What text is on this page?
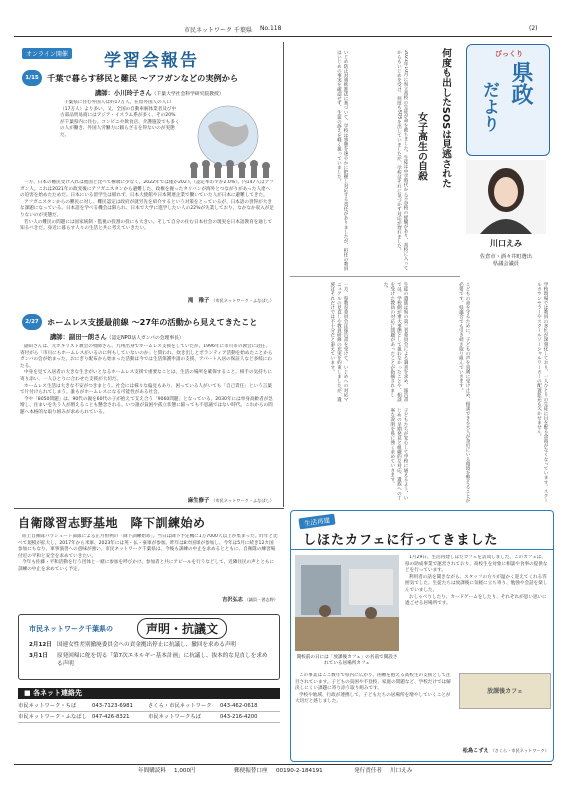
市民ネットワーク 千葉県 No.118	(2)
オンライン開催 学習会報告
1/15	千葉で暮らす移民と難民 ～アフガンなどの実例から
講師：小川玲子さん（千葉大学社会科学研究院教授）

千葉県に住む外国人は約17万人、在留外国人の人口（17万人）より多い。又、全国の自動車解体業者及び中古部品貿易商にはアジア・イスラム系が多く、その20%が千葉県内に住む。コンビニや飲食店、介護施設でも多くの人が働き、外国人労働力に頼らざるを得ないのが実態だ。

一方、日本の難民受け入れは他国と比べて極端に少なく、2022年では僅か202人（認定率わずか2.0%）。内147人はアフガン人。これは2021年の政変後にアフガニスタンから避難した、政権を握ったタリバンが海外とつながりがあった人達への迫害を始めたためだ。日本にいる留学生は帰れず、日本大使館や日本関連企業で働いていた人が日本に避難してきた。

アフガニスタンからの難民に対し、難民認定は政府が就労先を紹介するという対策をとっているが、日本語の習得が大きな課題になっている。日本語を学べる機会は限られ、日本で大学に進学したい人の22%が失業しており、なかなか収入が足りないのが実態だ。

若い人の難民の問題には国家統制・監視の役割の役にも大きい。そして自分の住む日本社会の現実を日本語教育を通じて知るべきだ。身近に暮らす人々の生活と共に考えていきたい。

滝　稚子 （市民ネットワーク・ふなばし）
2/27	ホームレス支援最前線 ～27年の活動から見えてきたこと
講師：副田一朗さん（認定NPO法人ガンバの会理事長）

副田さんは、元ホキリスト教会の牧師さん。九州出身でホームレス支援をしていたが、1996年に市川市の教会に赴任、寄付がら「市川にもホームレスがいるのに何もしていないのか」と問われ、炊き出しとボランティア活動を始めたことからガンバの会が始まった。おにぎり配布から始まった活動は今では生活保護申請の支援、アパート入居の保証人など多岐にわたる。

中身を見て入居者の大きな生きがいとなるホームレス支援で重要なことは、生活の場所を確保すること。相手の気持ちに寄り添い、一人ひとりに合わせた支援が大切だ。

ホームレス生活は大きな不安がつきまとう。社会には様々な偏見もあり、困っている人がいても「自己責任」という言葉で片付けられてしまう。誰もがホームレスになる可能性がある社会。

今や「8050問題」は、90代の親を60代の子が抱えて支え合う「9060問題」となっている。2030年には単身高齢者が急増し、住まいを失う人が増えることも懸念される。いつ誰が貧困や孤立状態に陥っても不思議ではない時代。これからの問題へ本格的な取り組みが求められている。

麻生修子 （市民ネットワーク・ふなばし）
自衛隊習志野基地　降下訓練始め

陸上自衛隊パラシュート部隊による正月恒例の「降下訓練始め」。当日は降下予定機に1万7000人以上が集まった。昨年と比べて規模が拡大し、2017年から米軍、2023年には英・仏・豪軍が参加。昨年は8カ国軍が参加し、今年は5月に続き12カ国参加にもなり、軍事演習への意味が強い。市民ネットワーク千葉県は、今後も訓練の中止を求めるとともに、自衛隊の練習場付近の平和と安全を求めていきたい。

今年も佐藤・平和活動を行う団体と一緒に参加を呼びかけ、参加者と共にアピールを行うなどして、近隣住民の声とともに訓練の中止を求めていく予定。

吉沢弘志 （議員・習志野）
市民ネットワーク千葉県の	声明・抗議文
2月12日 国連女性差別撤廃委員会への貢金拠出停止に抗議し、撤回を求める声明
3月1日 原発回帰に舵を切る「第7次エネルギー基本計画」に抗議し、抜本的な見直しを求める声明
■ 各ネット連絡先
市民ネットワーク・ちば	043-7123-6981	さくら・市民ネットワーク 043-462-0618
市民ネットワーク・ふなばし 047-426-8321	市民ネットワークちば	043-216-4200
年間購読料 1,000円	郵便振替口座 00190-2-184191	発行責任者 川口えみ
びっくり
県政
だより
何度も出したSOSは見逃された
女子高生の自殺
川口えみ
佐倉市・酒々井町選出
県議会議員
2023年10月に県立高校の生徒が命を絶ちました。生徒は中学時代から不登校の経験があり、高校に入ってからもいじめを受け、何度もSOSを出していましたが、学校はそれに気づかず対応が遅れました。
いじめ防止対策推進法に基づいて、学校は事態を速やかに把握し対応する責任がありましたが、担任の教員はいじめの事実を確認せず、生徒の訴えを軽く扱っていました。
生徒の遺族は県の第三者委員会による調査を求め、報告書では、学校側が重大事態として扱わなかったことや、相談を受けた教員の対応に問題があったことが指摘されました。
一方、県教育委員会は報告書を受けて、いじめへの対応マニュアルの見直しや教員研修の充実を約束しましたが、遺族はそれだけでは不十分だと訴えています。	学校現場では教員の多忙が深刻化しており、一人ひとりの生徒に目を配る余裕がなくなっています。スクールカウンセラーやスクールソーシャルワーカーの配置拡充も欠かせません。
こどもの命を守るために、子どもの声を真剣に受け止め、相談できる大人が身近にいる環境を整えることが必要です。県議会でも引き続き取り組んでいきます。
子どもたちが安心して学校に通えるよう、いじめの早期発見と組織的な対応、遺族への丁寧な説明を県に強く求めていきます。
生活再建
しほたカフェに行ってきました
開校前の日には「放課後カフェ」の名前で開設されている居場所カフェ

1月29日、生活再建しほたカフェを訪問しました。このカフェは、県の助成事業で運営されており、高校生を対象に相談や食事の提供などを行っています。

利用者の話を聞きながら、スタッフの方々が温かく迎えてくれる雰囲気でした。生徒たちは放課後に気軽に立ち寄り、勉強や会話を楽しんでいました。

おしゃべりしたり、カードゲームをしたり、それぞれが思い思いに過ごせる居場所です。

放課後カフェ

この事業はここ数年で県内に広がり、困難を抱える高校生の支援として注目されています。子どもの貧困や不登校、家庭の問題など、学校だけでは解決しにくい課題に寄り添う取り組みです。

学校や地域、行政が連携して、子どもたちの居場所を増やしていくことが大切だと感じました。

松島こずえ （さくら・市民ネットワーク）
